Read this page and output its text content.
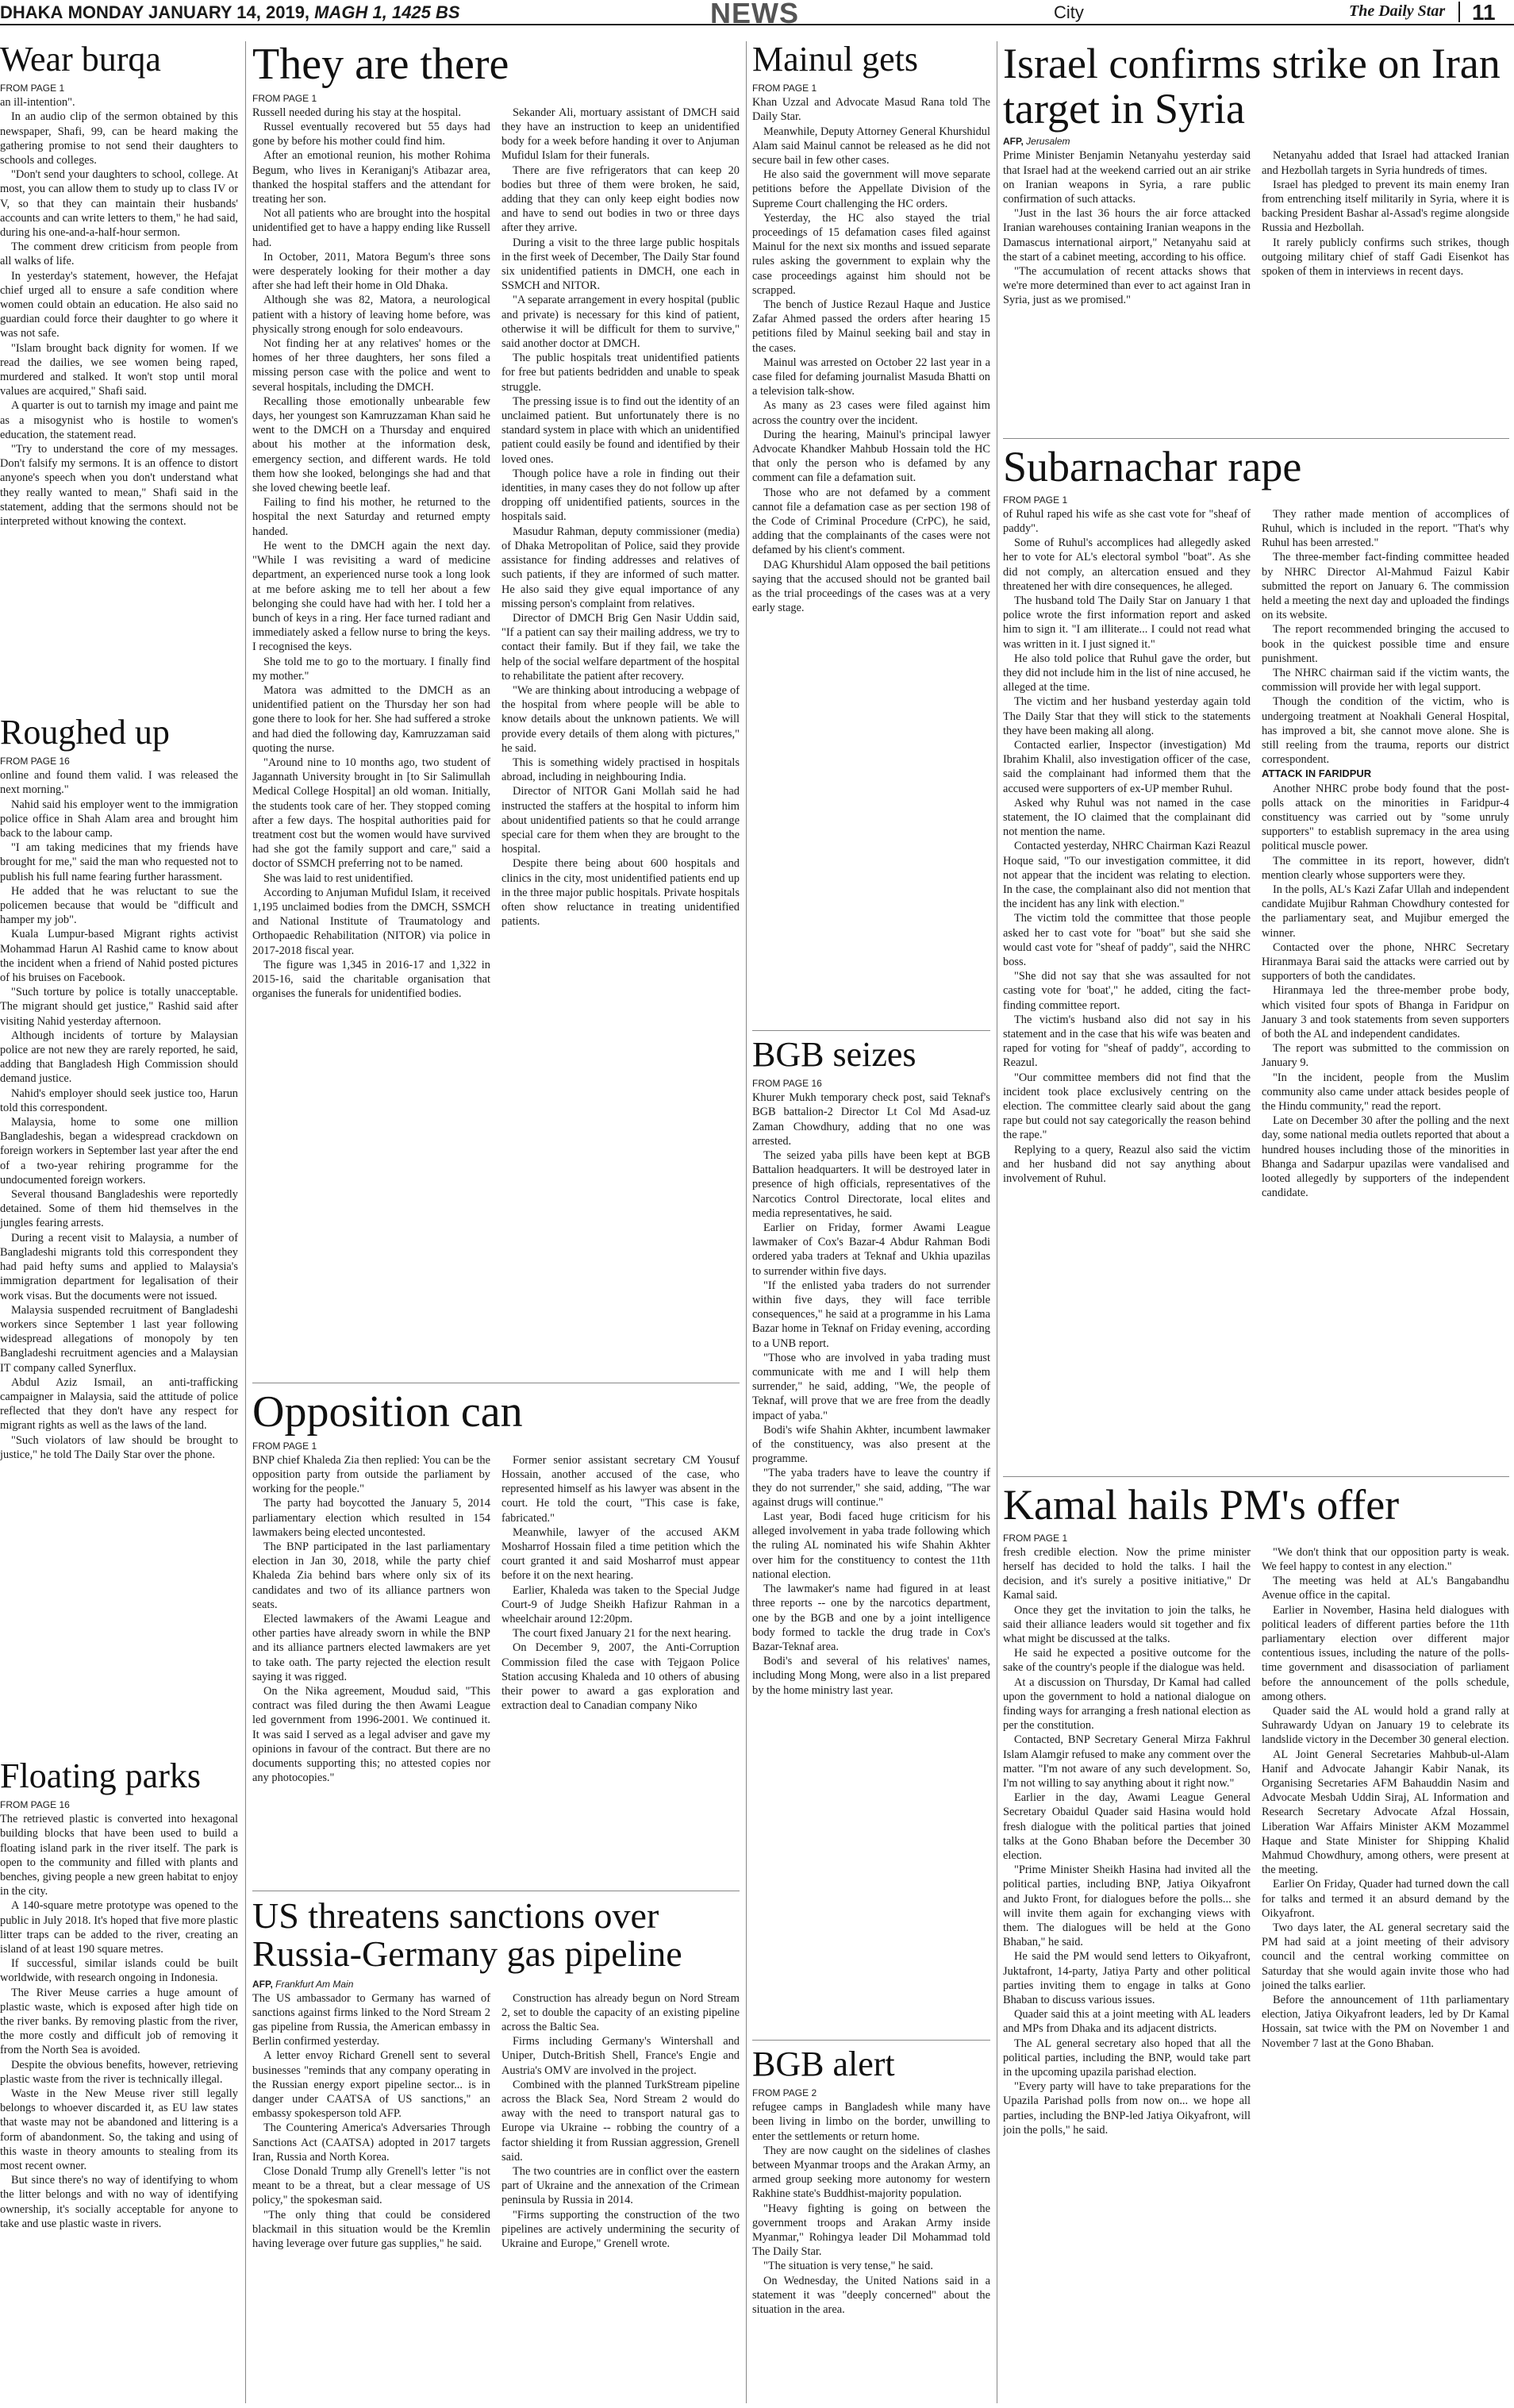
DHAKA MONDAY JANUARY 14, 2019, MAGH 1, 1425 BS	NEWS	City	The Daily Star 11
Wear burqa
FROM PAGE 1

an ill-intention".

In an audio clip of the sermon obtained by this newspaper, Shafi, 99, can be heard making the gathering promise to not send their daughters to schools and colleges.

"Don't send your daughters to school, college. At most, you can allow them to study up to class IV or V, so that they can maintain their husbands' accounts and can write letters to them," he had said, during his one-and-a-half-hour sermon.

The comment drew criticism from people from all walks of life.

In yesterday's statement, however, the Hefajat chief urged all to ensure a safe condition where women could obtain an education. He also said no guardian could force their daughter to go where it was not safe.

"Islam brought back dignity for women. If we read the dailies, we see women being raped, murdered and stalked. It won't stop until moral values are acquired," Shafi said.

A quarter is out to tarnish my image and paint me as a misogynist who is hostile to women's education, the statement read.

"Try to understand the core of my messages. Don't falsify my sermons. It is an offence to distort anyone's speech when you don't understand what they really wanted to mean," Shafi said in the statement, adding that the sermons should not be interpreted without knowing the context.

Roughed up
FROM PAGE 16

online and found them valid. I was released the next morning."

Nahid said his employer went to the immigration police office in Shah Alam area and brought him back to the labour camp.

"I am taking medicines that my friends have brought for me," said the man who requested not to publish his full name fearing further harassment.

He added that he was reluctant to sue the policemen because that would be "difficult and hamper my job".

Kuala Lumpur-based Migrant rights activist Mohammad Harun Al Rashid came to know about the incident when a friend of Nahid posted pictures of his bruises on Facebook.

"Such torture by police is totally unacceptable. The migrant should get justice," Rashid said after visiting Nahid yesterday afternoon.

Although incidents of torture by Malaysian police are not new they are rarely reported, he said, adding that Bangladesh High Commission should demand justice.

Nahid's employer should seek justice too, Harun told this correspondent.

Malaysia, home to some one million Bangladeshis, began a widespread crackdown on foreign workers in September last year after the end of a two-year rehiring programme for the undocumented foreign workers.

Several thousand Bangladeshis were reportedly detained. Some of them hid themselves in the jungles fearing arrests.

During a recent visit to Malaysia, a number of Bangladeshi migrants told this correspondent they had paid hefty sums and applied to Malaysia's immigration department for legalisation of their work visas. But the documents were not issued.

Malaysia suspended recruitment of Bangladeshi workers since September 1 last year following widespread allegations of monopoly by ten Bangladeshi recruitment agencies and a Malaysian IT company called Synerflux.

Abdul Aziz Ismail, an anti-trafficking campaigner in Malaysia, said the attitude of police reflected that they don't have any respect for migrant rights as well as the laws of the land.

"Such violators of law should be brought to justice," he told The Daily Star over the phone.

Floating parks
FROM PAGE 16

The retrieved plastic is converted into hexagonal building blocks that have been used to build a floating island park in the river itself. The park is open to the community and filled with plants and benches, giving people a new green habitat to enjoy in the city.

A 140-square metre prototype was opened to the public in July 2018. It's hoped that five more plastic litter traps can be added to the river, creating an island of at least 190 square metres.

If successful, similar islands could be built worldwide, with research ongoing in Indonesia.

The River Meuse carries a huge amount of plastic waste, which is exposed after high tide on the river banks. By removing plastic from the river, the more costly and difficult job of removing it from the North Sea is avoided.

Despite the obvious benefits, however, retrieving plastic waste from the river is technically illegal.

Waste in the New Meuse river still legally belongs to whoever discarded it, as EU law states that waste may not be abandoned and littering is a form of abandonment. So, the taking and using of this waste in theory amounts to stealing from its most recent owner.

But since there's no way of identifying to whom the litter belongs and with no way of identifying ownership, it's socially acceptable for anyone to take and use plastic waste in rivers.

They are there
FROM PAGE 1

Russell needed during his stay at the hospital.

Russel eventually recovered but 55 days had gone by before his mother could find him.

After an emotional reunion, his mother Rohima Begum, who lives in Keraniganj's Atibazar area, thanked the hospital staffers and the attendant for treating her son.

Not all patients who are brought into the hospital unidentified get to have a happy ending like Russell had.

In October, 2011, Matora Begum's three sons were desperately looking for their mother a day after she had left their home in Old Dhaka.

Although she was 82, Matora, a neurological patient with a history of leaving home before, was physically strong enough for solo endeavours.

Not finding her at any relatives' homes or the homes of her three daughters, her sons filed a missing person case with the police and went to several hospitals, including the DMCH.

Recalling those emotionally unbearable few days, her youngest son Kamruzzaman Khan said he went to the DMCH on a Thursday and enquired about his mother at the information desk, emergency section, and different wards. He told them how she looked, belongings she had and that she loved chewing beetle leaf.

Failing to find his mother, he returned to the hospital the next Saturday and returned empty handed.

He went to the DMCH again the next day. "While I was revisiting a ward of medicine department, an experienced nurse took a long look at me before asking me to tell her about a few belonging she could have had with her. I told her a bunch of keys in a ring. Her face turned radiant and immediately asked a fellow nurse to bring the keys. I recognised the keys.

She told me to go to the mortuary. I finally find my mother."

Matora was admitted to the DMCH as an unidentified patient on the Thursday her son had gone there to look for her. She had suffered a stroke and had died the following day, Kamruzzaman said quoting the nurse.

"Around nine to 10 months ago, two student of Jagannath University brought in [to Sir Salimullah Medical College Hospital] an old woman. Initially, the students took care of her. They stopped coming after a few days. The hospital authorities paid for treatment cost but the women would have survived had she got the family support and care," said a doctor of SSMCH preferring not to be named.

She was laid to rest unidentified.

According to Anjuman Mufidul Islam, it received 1,195 unclaimed bodies from the DMCH, SSMCH and National Institute of Traumatology and Orthopaedic Rehabilitation (NITOR) via police in 2017-2018 fiscal year.

The figure was 1,345 in 2016-17 and 1,322 in 2015-16, said the charitable organisation that organises the funerals for unidentified bodies.

Sekander Ali, mortuary assistant of DMCH said they have an instruction to keep an unidentified body for a week before handing it over to Anjuman Mufidul Islam for their funerals.

There are five refrigerators that can keep 20 bodies but three of them were broken, he said, adding that they can only keep eight bodies now and have to send out bodies in two or three days after they arrive.

During a visit to the three large public hospitals in the first week of December, The Daily Star found six unidentified patients in DMCH, one each in SSMCH and NITOR.

"A separate arrangement in every hospital (public and private) is necessary for this kind of patient, otherwise it will be difficult for them to survive," said another doctor at DMCH.

The public hospitals treat unidentified patients for free but patients bedridden and unable to speak struggle.

The pressing issue is to find out the identity of an unclaimed patient. But unfortunately there is no standard system in place with which an unidentified patient could easily be found and identified by their loved ones.

Though police have a role in finding out their identities, in many cases they do not follow up after dropping off unidentified patients, sources in the hospitals said.

Masudur Rahman, deputy commissioner (media) of Dhaka Metropolitan of Police, said they provide assistance for finding addresses and relatives of such patients, if they are informed of such matter. He also said they give equal importance of any missing person's complaint from relatives.

Director of DMCH Brig Gen Nasir Uddin said, "If a patient can say their mailing address, we try to contact their family. But if they fail, we take the help of the social welfare department of the hospital to rehabilitate the patient after recovery.

"We are thinking about introducing a webpage of the hospital from where people will be able to know details about the unknown patients. We will provide every details of them along with pictures," he said.

This is something widely practised in hospitals abroad, including in neighbouring India.

Director of NITOR Gani Mollah said he had instructed the staffers at the hospital to inform him about unidentified patients so that he could arrange special care for them when they are brought to the hospital.

Despite there being about 600 hospitals and clinics in the city, most unidentified patients end up in the three major public hospitals. Private hospitals often show reluctance in treating unidentified patients.

Opposition can
FROM PAGE 1

BNP chief Khaleda Zia then replied: You can be the opposition party from outside the parliament by working for the people."

The party had boycotted the January 5, 2014 parliamentary election which resulted in 154 lawmakers being elected uncontested.

The BNP participated in the last parliamentary election in Jan 30, 2018, while the party chief Khaleda Zia behind bars where only six of its candidates and two of its alliance partners won seats.

Elected lawmakers of the Awami League and other parties have already sworn in while the BNP and its alliance partners elected lawmakers are yet to take oath. The party rejected the election result saying it was rigged.

On the Nika agreement, Moudud said, "This contract was filed during the then Awami League led government from 1996-2001. We continued it. It was said I served as a legal adviser and gave my opinions in favour of the contract. But there are no documents supporting this; no attested copies nor any photocopies."

Former senior assistant secretary CM Yousuf Hossain, another accused of the case, who represented himself as his lawyer was absent in the court. He told the court, "This case is fake, fabricated."

Meanwhile, lawyer of the accused AKM Mosharrof Hossain filed a time petition which the court granted it and said Mosharrof must appear before it on the next hearing.

Earlier, Khaleda was taken to the Special Judge Court-9 of Judge Sheikh Hafizur Rahman in a wheelchair around 12:20pm.

The court fixed January 21 for the next hearing.

On December 9, 2007, the Anti-Corruption Commission filed the case with Tejgaon Police Station accusing Khaleda and 10 others of abusing their power to award a gas exploration and extraction deal to Canadian company Niko

US threatens sanctions over Russia-Germany gas pipeline
AFP, Frankfurt Am Main

The US ambassador to Germany has warned of sanctions against firms linked to the Nord Stream 2 gas pipeline from Russia, the American embassy in Berlin confirmed yesterday.

A letter envoy Richard Grenell sent to several businesses "reminds that any company operating in the Russian energy export pipeline sector... is in danger under CAATSA of US sanctions," an embassy spokesperson told AFP.

The Countering America's Adversaries Through Sanctions Act (CAATSA) adopted in 2017 targets Iran, Russia and North Korea.

Close Donald Trump ally Grenell's letter "is not meant to be a threat, but a clear message of US policy," the spokesman said.

"The only thing that could be considered blackmail in this situation would be the Kremlin having leverage over future gas supplies," he said.

Construction has already begun on Nord Stream 2, set to double the capacity of an existing pipeline across the Baltic Sea.

Firms including Germany's Wintershall and Uniper, Dutch-British Shell, France's Engie and Austria's OMV are involved in the project.

Combined with the planned TurkStream pipeline across the Black Sea, Nord Stream 2 would do away with the need to transport natural gas to Europe via Ukraine -- robbing the country of a factor shielding it from Russian aggression, Grenell said.

The two countries are in conflict over the eastern part of Ukraine and the annexation of the Crimean peninsula by Russia in 2014.

"Firms supporting the construction of the two pipelines are actively undermining the security of Ukraine and Europe," Grenell wrote.

Mainul gets
FROM PAGE 1

Khan Uzzal and Advocate Masud Rana told The Daily Star.

Meanwhile, Deputy Attorney General Khurshidul Alam said Mainul cannot be released as he did not secure bail in few other cases.

He also said the government will move separate petitions before the Appellate Division of the Supreme Court challenging the HC orders.

Yesterday, the HC also stayed the trial proceedings of 15 defamation cases filed against Mainul for the next six months and issued separate rules asking the government to explain why the case proceedings against him should not be scrapped.

The bench of Justice Rezaul Haque and Justice Zafar Ahmed passed the orders after hearing 15 petitions filed by Mainul seeking bail and stay in the cases.

Mainul was arrested on October 22 last year in a case filed for defaming journalist Masuda Bhatti on a television talk-show.

As many as 23 cases were filed against him across the country over the incident.

During the hearing, Mainul's principal lawyer Advocate Khandker Mahbub Hossain told the HC that only the person who is defamed by any comment can file a defamation suit.

Those who are not defamed by a comment cannot file a defamation case as per section 198 of the Code of Criminal Procedure (CrPC), he said, adding that the complainants of the cases were not defamed by his client's comment.

DAG Khurshidul Alam opposed the bail petitions saying that the accused should not be granted bail as the trial proceedings of the cases was at a very early stage.

BGB seizes
FROM PAGE 16

Khurer Mukh temporary check post, said Teknaf's BGB battalion-2 Director Lt Col Md Asad-uz Zaman Chowdhury, adding that no one was arrested.

The seized yaba pills have been kept at BGB Battalion headquarters. It will be destroyed later in presence of high officials, representatives of the Narcotics Control Directorate, local elites and media representatives, he said.

Earlier on Friday, former Awami League lawmaker of Cox's Bazar-4 Abdur Rahman Bodi ordered yaba traders at Teknaf and Ukhia upazilas to surrender within five days.

"If the enlisted yaba traders do not surrender within five days, they will face terrible consequences," he said at a programme in his Lama Bazar home in Teknaf on Friday evening, according to a UNB report.

"Those who are involved in yaba trading must communicate with me and I will help them surrender," he said, adding, "We, the people of Teknaf, will prove that we are free from the deadly impact of yaba."

Bodi's wife Shahin Akhter, incumbent lawmaker of the constituency, was also present at the programme.

"The yaba traders have to leave the country if they do not surrender," she said, adding, "The war against drugs will continue."

Last year, Bodi faced huge criticism for his alleged involvement in yaba trade following which the ruling AL nominated his wife Shahin Akhter over him for the constituency to contest the 11th national election.

The lawmaker's name had figured in at least three reports -- one by the narcotics department, one by the BGB and one by a joint intelligence body formed to tackle the drug trade in Cox's Bazar-Teknaf area.

Bodi's and several of his relatives' names, including Mong Mong, were also in a list prepared by the home ministry last year.

BGB alert
FROM PAGE 2

refugee camps in Bangladesh while many have been living in limbo on the border, unwilling to enter the settlements or return home.

They are now caught on the sidelines of clashes between Myanmar troops and the Arakan Army, an armed group seeking more autonomy for western Rakhine state's Buddhist-majority population.

"Heavy fighting is going on between the government troops and Arakan Army inside Myanmar," Rohingya leader Dil Mohammad told The Daily Star.

"The situation is very tense," he said.

On Wednesday, the United Nations said in a statement it was "deeply concerned" about the situation in the area.

Israel confirms strike on Iran target in Syria
AFP, Jerusalem

Prime Minister Benjamin Netanyahu yesterday said that Israel had at the weekend carried out an air strike on Iranian weapons in Syria, a rare public confirmation of such attacks.

"Just in the last 36 hours the air force attacked Iranian warehouses containing Iranian weapons in the Damascus international airport," Netanyahu said at the start of a cabinet meeting, according to his office.

"The accumulation of recent attacks shows that we're more determined than ever to act against Iran in Syria, just as we promised."

Netanyahu added that Israel had attacked Iranian and Hezbollah targets in Syria hundreds of times.

Israel has pledged to prevent its main enemy Iran from entrenching itself militarily in Syria, where it is backing President Bashar al-Assad's regime alongside Russia and Hezbollah.

It rarely publicly confirms such strikes, though outgoing military chief of staff Gadi Eisenkot has spoken of them in interviews in recent days.

Subarnachar rape
FROM PAGE 1

of Ruhul raped his wife as she cast vote for "sheaf of paddy".

Some of Ruhul's accomplices had allegedly asked her to vote for AL's electoral symbol "boat". As she did not comply, an altercation ensued and they threatened her with dire consequences, he alleged.

The husband told The Daily Star on January 1 that police wrote the first information report and asked him to sign it. "I am illiterate... I could not read what was written in it. I just signed it."

He also told police that Ruhul gave the order, but they did not include him in the list of nine accused, he alleged at the time.

The victim and her husband yesterday again told The Daily Star that they will stick to the statements they have been making all along.

Contacted earlier, Inspector (investigation) Md Ibrahim Khalil, also investigation officer of the case, said the complainant had informed them that the accused were supporters of ex-UP member Ruhul.

Asked why Ruhul was not named in the case statement, the IO claimed that the complainant did not mention the name.

Contacted yesterday, NHRC Chairman Kazi Reazul Hoque said, "To our investigation committee, it did not appear that the incident was relating to election. In the case, the complainant also did not mention that the incident has any link with election."

The victim told the committee that those people asked her to cast vote for "boat" but she said she would cast vote for "sheaf of paddy", said the NHRC boss.

"She did not say that she was assaulted for not casting vote for 'boat'," he added, citing the fact-finding committee report.

The victim's husband also did not say in his statement and in the case that his wife was beaten and raped for voting for "sheaf of paddy", according to Reazul.

"Our committee members did not find that the incident took place exclusively centring on the election. The committee clearly said about the gang rape but could not say categorically the reason behind the rape."

Replying to a query, Reazul also said the victim and her husband did not say anything about involvement of Ruhul.

They rather made mention of accomplices of Ruhul, which is included in the report. "That's why Ruhul has been arrested."

The three-member fact-finding committee headed by NHRC Director Al-Mahmud Faizul Kabir submitted the report on January 6. The commission held a meeting the next day and uploaded the findings on its website.

The report recommended bringing the accused to book in the quickest possible time and ensure punishment.

The NHRC chairman said if the victim wants, the commission will provide her with legal support.

Though the condition of the victim, who is undergoing treatment at Noakhali General Hospital, has improved a bit, she cannot move alone. She is still reeling from the trauma, reports our district correspondent.

ATTACK IN FARIDPUR

Another NHRC probe body found that the post-polls attack on the minorities in Faridpur-4 constituency was carried out by "some unruly supporters" to establish supremacy in the area using political muscle power.

The committee in its report, however, didn't mention clearly whose supporters were they.

In the polls, AL's Kazi Zafar Ullah and independent candidate Mujibur Rahman Chowdhury contested for the parliamentary seat, and Mujibur emerged the winner.

Contacted over the phone, NHRC Secretary Hiranmaya Barai said the attacks were carried out by supporters of both the candidates.

Hiranmaya led the three-member probe body, which visited four spots of Bhanga in Faridpur on January 3 and took statements from seven supporters of both the AL and independent candidates.

The report was submitted to the commission on January 9.

"In the incident, people from the Muslim community also came under attack besides people of the Hindu community," read the report.

Late on December 30 after the polling and the next day, some national media outlets reported that about a hundred houses including those of the minorities in Bhanga and Sadarpur upazilas were vandalised and looted allegedly by supporters of the independent candidate.

Kamal hails PM's offer
FROM PAGE 1

fresh credible election. Now the prime minister herself has decided to hold the talks. I hail the decision, and it's surely a positive initiative," Dr Kamal said.

Once they get the invitation to join the talks, he said their alliance leaders would sit together and fix what might be discussed at the talks.

He said he expected a positive outcome for the sake of the country's people if the dialogue was held.

At a discussion on Thursday, Dr Kamal had called upon the government to hold a national dialogue on finding ways for arranging a fresh national election as per the constitution.

Contacted, BNP Secretary General Mirza Fakhrul Islam Alamgir refused to make any comment over the matter. "I'm not aware of any such development. So, I'm not willing to say anything about it right now."

Earlier in the day, Awami League General Secretary Obaidul Quader said Hasina would hold fresh dialogue with the political parties that joined talks at the Gono Bhaban before the December 30 election.

"Prime Minister Sheikh Hasina had invited all the political parties, including BNP, Jatiya Oikyafront and Jukto Front, for dialogues before the polls... she will invite them again for exchanging views with them. The dialogues will be held at the Gono Bhaban," he said.

He said the PM would send letters to Oikyafront, Juktafront, 14-party, Jatiya Party and other political parties inviting them to engage in talks at Gono Bhaban to discuss various issues.

Quader said this at a joint meeting with AL leaders and MPs from Dhaka and its adjacent districts.

The AL general secretary also hoped that all the political parties, including the BNP, would take part in the upcoming upazila parishad election.

"Every party will have to take preparations for the Upazila Parishad polls from now on... we hope all parties, including the BNP-led Jatiya Oikyafront, will join the polls," he said.

"We don't think that our opposition party is weak. We feel happy to contest in any election."

The meeting was held at AL's Bangabandhu Avenue office in the capital.

Earlier in November, Hasina held dialogues with political leaders of different parties before the 11th parliamentary election over different major contentious issues, including the nature of the polls-time government and disassociation of parliament before the announcement of the polls schedule, among others.

Quader said the AL would hold a grand rally at Suhrawardy Udyan on January 19 to celebrate its landslide victory in the December 30 general election.

AL Joint General Secretaries Mahbub-ul-Alam Hanif and Advocate Jahangir Kabir Nanak, its Organising Secretaries AFM Bahauddin Nasim and Advocate Mesbah Uddin Siraj, AL Information and Research Secretary Advocate Afzal Hossain, Liberation War Affairs Minister AKM Mozammel Haque and State Minister for Shipping Khalid Mahmud Chowdhury, among others, were present at the meeting.

Earlier On Friday, Quader had turned down the call for talks and termed it an absurd demand by the Oikyafront.

Two days later, the AL general secretary said the PM had said at a joint meeting of their advisory council and the central working committee on Saturday that she would again invite those who had joined the talks earlier.

Before the announcement of 11th parliamentary election, Jatiya Oikyafront leaders, led by Dr Kamal Hossain, sat twice with the PM on November 1 and November 7 last at the Gono Bhaban.
